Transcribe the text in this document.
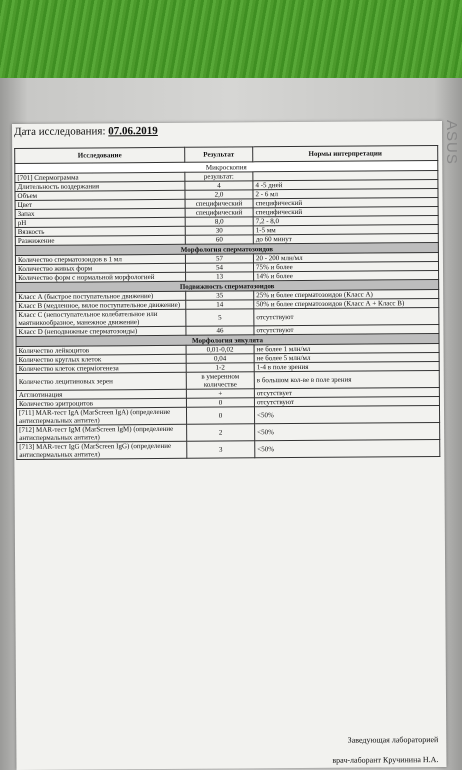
ASUS
Дата исследования: 07.06.2019
Исследование	Результат	Нормы интерпретации
Микроскопия		
[701] Спермограмма	результат:	
Длительность воздержания	4	4 -5 дней
Объем	2,0	2 - 6 мл
Цвет	специфический	специфический
Запах	специфический	специфический
pH	8,0	7,2 - 8,0
Вязкость	30	1-5 мм
Разжижение	60	до 60 минут
Морфология сперматозоидов		
Количество сперматозоидов в 1 мл	57	20 - 200 млн/мл
Количество живых форм	54	75% и более
Количество форм с нормальной морфологией	13	14% и более
Подвижность сперматозоидов		
Класс А (быстрое поступательное движение)	35	25% и более сперматозоидов (Класс А)
Класс В (медленное, вялое поступательное движение)	14	50% и более сперматозоидов (Класс А + Класс В)
Класс С (непоступательное колебательное или маятникообразное, манежное движение)	5	отсутствуют
Класс D (неподвижные сперматозоиды)	46	отсутствуют
Морфология эякулята		
Количество лейкоцитов	0,01-0,02	не более 1 млн/мл
Количество круглых клеток	0,04	не более 5 млн/мл
Количество клеток сперміогенеза	1-2	1-4 в поле зрения
Количество лецитиновых зерен	в умеренном количестве	в большом кол-ве в поле зрения
Агглютинация	+	отсутствует
Количество эритроцитов	0	отсутствуют
[711] MAR-тест IgA (MarScreen IgA) (определение антиспермальных антител)	0	<50%
[712] MAR-тест IgM (MarScreen IgM) (определение антиспермальных антител)	2	<50%
[713] MAR-тест IgG (MarScreen IgG) (определение антиспермальных антител)	3	<50%
Заведующая лабораторией
врач-лаборант Кручинина Н.А.
